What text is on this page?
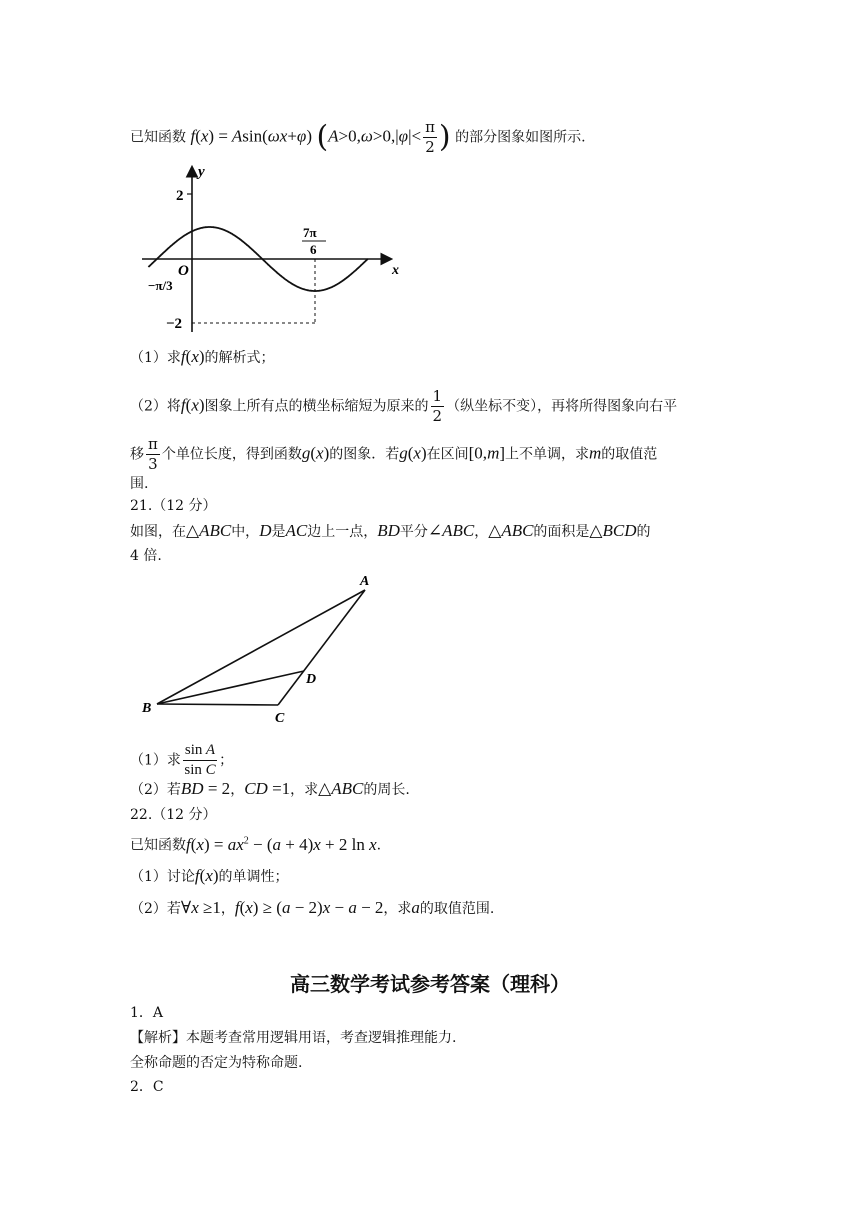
已知函数 f(x) = Asin(ωx+φ) ($A>0,\omega>0,|\varphi|< \frac{\pi}{2}$ ) 的部分图象如图所示.
y
x
O
2
−2
−π/3
7π
6
（1）求f(x)的解析式；
（2）将f(x)图象上所有点的横坐标缩短为原来的 $\frac{1}{2}$ （纵坐标不变），再将所得图象向右平
移 $\frac{\pi}{3}$ 个单位长度，得到函数g(x)的图象．若g(x)在区间[0,m]上不单调，求m的取值范
围.
21.（12 分）
如图，在△ABC中，D是AC边上一点，BD平分∠ABC，△ABC的面积是△BCD的
4 倍.
A
B
C
D
（1）求 $\frac{\text{sin A}}{\text{sin C}}$ ；
（2）若BD = 2，CD =1，求△ABC的周长.
22.（12 分）
已知函数$f(x) = ax^2 - (a + 4)x + 2$ ln x.
（1）讨论f(x)的单调性；
（2）若∀x ≥1，f(x) ≥ (a − 2)x − a − 2，求a的取值范围.
高三数学考试参考答案（理科）
1．A
【解析】本题考查常用逻辑用语，考查逻辑推理能力.
全称命题的否定为特称命题.
2．C
